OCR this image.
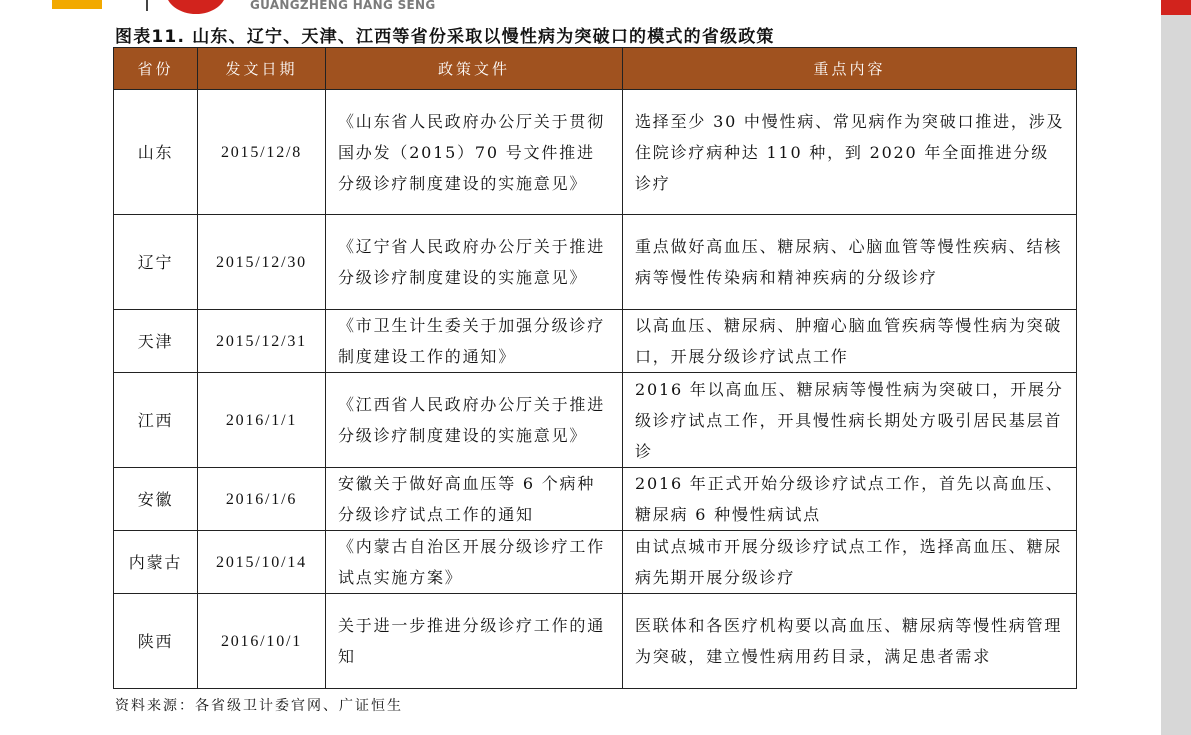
GUANGZHENG HANG SENG
图表11. 山东、辽宁、天津、江西等省份采取以慢性病为突破口的模式的省级政策
省份	发文日期	政策文件	重点内容
山东	2015/12/8	《山东省人民政府办公厅关于贯彻国办发（2015）70 号文件推进分级诊疗制度建设的实施意见》	选择至少 30 中慢性病、常见病作为突破口推进，涉及住院诊疗病种达 110 种，到 2020 年全面推进分级诊疗
辽宁	2015/12/30	《辽宁省人民政府办公厅关于推进分级诊疗制度建设的实施意见》	重点做好高血压、糖尿病、心脑血管等慢性疾病、结核病等慢性传染病和精神疾病的分级诊疗
天津	2015/12/31	《市卫生计生委关于加强分级诊疗制度建设工作的通知》	以高血压、糖尿病、肿瘤心脑血管疾病等慢性病为突破口，开展分级诊疗试点工作
江西	2016/1/1	《江西省人民政府办公厅关于推进分级诊疗制度建设的实施意见》	2016 年以高血压、糖尿病等慢性病为突破口，开展分级诊疗试点工作，开具慢性病长期处方吸引居民基层首诊
安徽	2016/1/6	安徽关于做好高血压等 6 个病种分级诊疗试点工作的通知	2016 年正式开始分级诊疗试点工作，首先以高血压、糖尿病 6 种慢性病试点
内蒙古	2015/10/14	《内蒙古自治区开展分级诊疗工作试点实施方案》	由试点城市开展分级诊疗试点工作，选择高血压、糖尿病先期开展分级诊疗
陕西	2016/10/1	关于进一步推进分级诊疗工作的通知	医联体和各医疗机构要以高血压、糖尿病等慢性病管理为突破，建立慢性病用药目录，满足患者需求
资料来源：各省级卫计委官网、广证恒生
